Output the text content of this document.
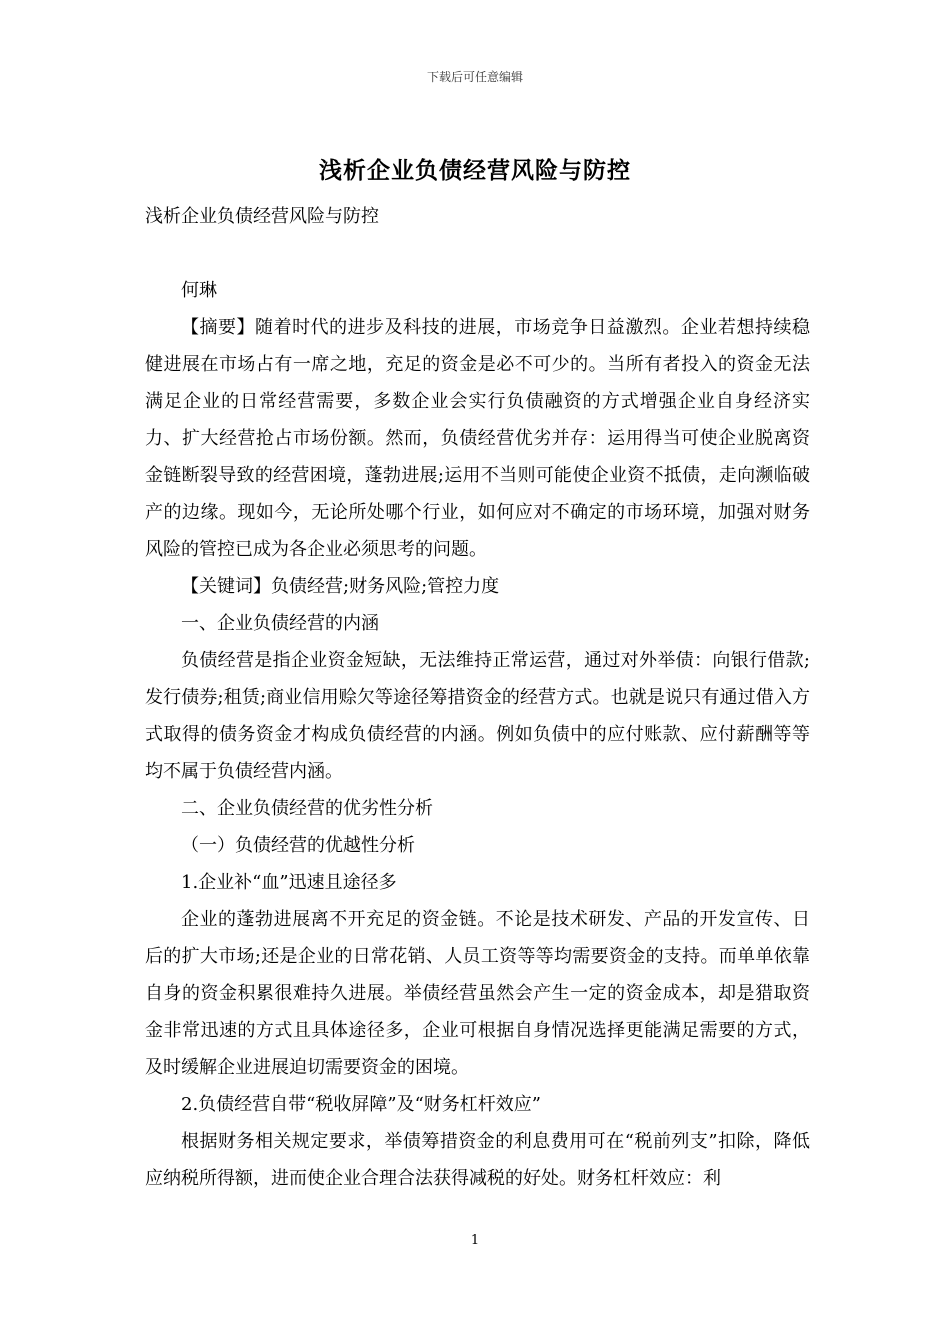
下载后可任意编辑
浅析企业负债经营风险与防控

浅析企业负债经营风险与防控

何琳

【摘要】随着时代的进步及科技的进展，市场竞争日益激烈。企业若想持续稳健进展在市场占有一席之地，充足的资金是必不可少的。当所有者投入的资金无法满足企业的日常经营需要，多数企业会实行负债融资的方式增强企业自身经济实力、扩大经营抢占市场份额。然而，负债经营优劣并存：运用得当可使企业脱离资金链断裂导致的经营困境，蓬勃进展;运用不当则可能使企业资不抵债，走向濒临破产的边缘。现如今，无论所处哪个行业，如何应对不确定的市场环境，加强对财务风险的管控已成为各企业必须思考的问题。

【关键词】负债经营;财务风险;管控力度

一、企业负债经营的内涵

负债经营是指企业资金短缺，无法维持正常运营，通过对外举债：向银行借款;发行债券;租赁;商业信用赊欠等途径筹措资金的经营方式。也就是说只有通过借入方式取得的债务资金才构成负债经营的内涵。例如负债中的应付账款、应付薪酬等等均不属于负债经营内涵。

二、企业负债经营的优劣性分析

（一）负债经营的优越性分析

1.企业补“血”迅速且途径多

企业的蓬勃进展离不开充足的资金链。不论是技术研发、产品的开发宣传、日后的扩大市场;还是企业的日常花销、人员工资等等均需要资金的支持。而单单依靠自身的资金积累很难持久进展。举债经营虽然会产生一定的资金成本，却是猎取资金非常迅速的方式且具体途径多，企业可根据自身情况选择更能满足需要的方式，及时缓解企业进展迫切需要资金的困境。

2.负债经营自带“税收屏障”及“财务杠杆效应”

根据财务相关规定要求，举债筹措资金的利息费用可在“税前列支”扣除，降低应纳税所得额，进而使企业合理合法获得减税的好处。财务杠杆效应：利

1
